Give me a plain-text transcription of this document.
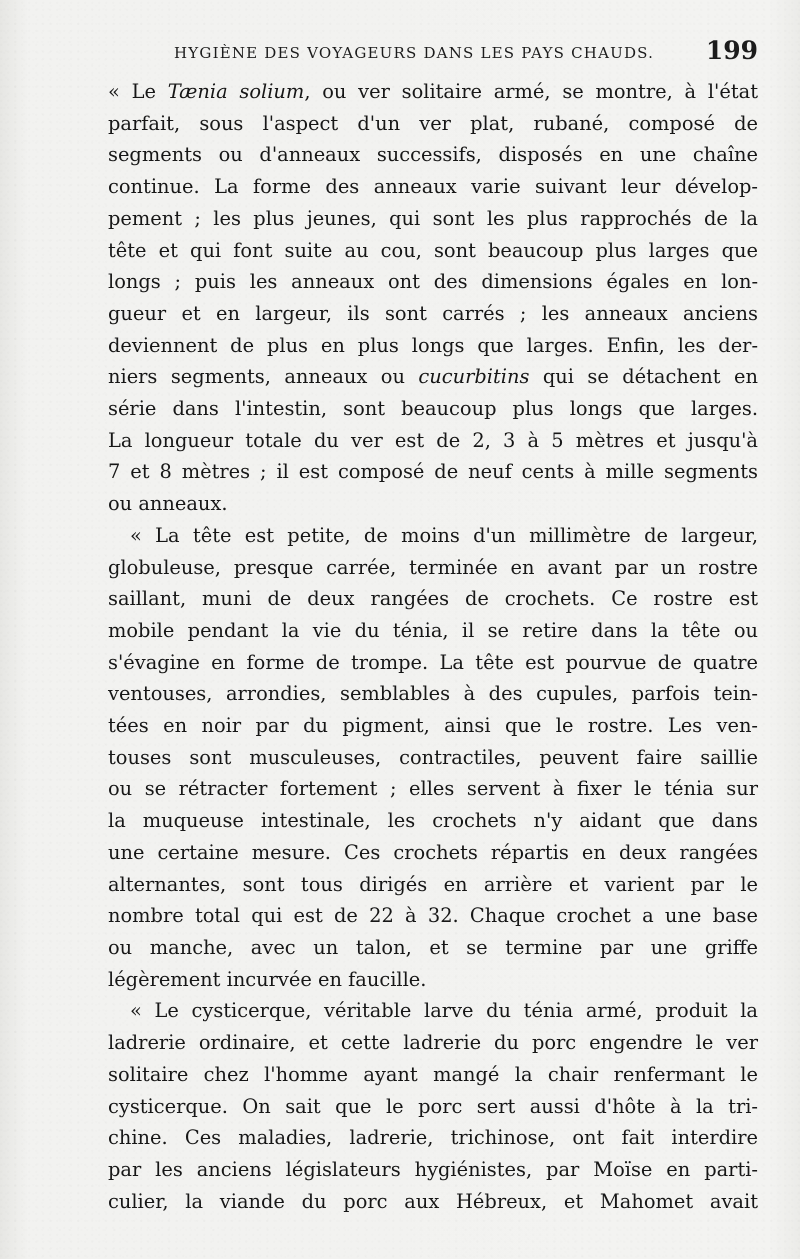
HYGIÈNE DES VOYAGEURS DANS LES PAYS CHAUDS. 199
« Le Tænia solium, ou ver solitaire armé, se montre, à l'état
parfait, sous l'aspect d'un ver plat, rubané, composé de
segments ou d'anneaux successifs, disposés en une chaîne
continue. La forme des anneaux varie suivant leur dévelop-
pement ; les plus jeunes, qui sont les plus rapprochés de la
tête et qui font suite au cou, sont beaucoup plus larges que
longs ; puis les anneaux ont des dimensions égales en lon-
gueur et en largeur, ils sont carrés ; les anneaux anciens
deviennent de plus en plus longs que larges. Enfin, les der-
niers segments, anneaux ou cucurbitins qui se détachent en
série dans l'intestin, sont beaucoup plus longs que larges.
La longueur totale du ver est de 2, 3 à 5 mètres et jusqu'à
7 et 8 mètres ; il est composé de neuf cents à mille segments
ou anneaux.
« La tête est petite, de moins d'un millimètre de largeur,
globuleuse, presque carrée, terminée en avant par un rostre
saillant, muni de deux rangées de crochets. Ce rostre est
mobile pendant la vie du ténia, il se retire dans la tête ou
s'évagine en forme de trompe. La tête est pourvue de quatre
ventouses, arrondies, semblables à des cupules, parfois tein-
tées en noir par du pigment, ainsi que le rostre. Les ven-
touses sont musculeuses, contractiles, peuvent faire saillie
ou se rétracter fortement ; elles servent à fixer le ténia sur
la muqueuse intestinale, les crochets n'y aidant que dans
une certaine mesure. Ces crochets répartis en deux rangées
alternantes, sont tous dirigés en arrière et varient par le
nombre total qui est de 22 à 32. Chaque crochet a une base
ou manche, avec un talon, et se termine par une griffe
légèrement incurvée en faucille.
« Le cysticerque, véritable larve du ténia armé, produit la
ladrerie ordinaire, et cette ladrerie du porc engendre le ver
solitaire chez l'homme ayant mangé la chair renfermant le
cysticerque. On sait que le porc sert aussi d'hôte à la tri-
chine. Ces maladies, ladrerie, trichinose, ont fait interdire
par les anciens législateurs hygiénistes, par Moïse en parti-
culier, la viande du porc aux Hébreux, et Mahomet avait
